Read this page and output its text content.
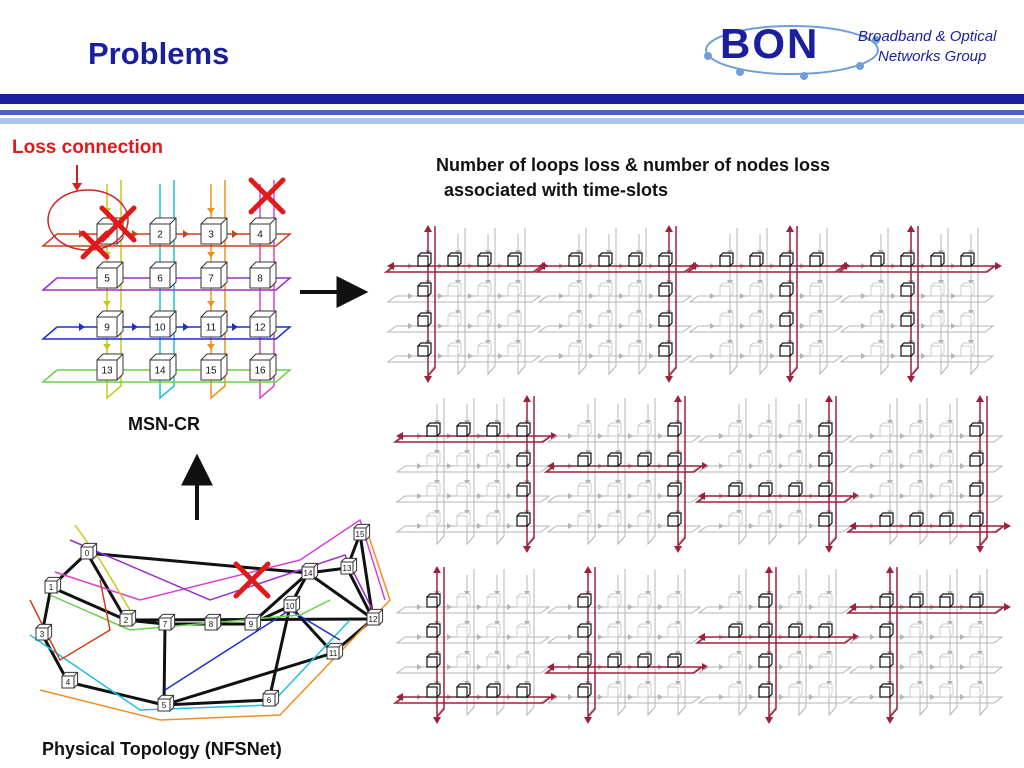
Problems	BON	Broadband & Optical
Networks Group
Loss connection
Number of loops loss & number of nodes loss
associated with time-slots
MSN-CR
Physical Topology (NFSNet)
2	3	4
5	6	7	8
9	10	11	12
13	14	15	16
0
1
2
3
4
5
6
7	8	9
10
11
12
13
14
15
